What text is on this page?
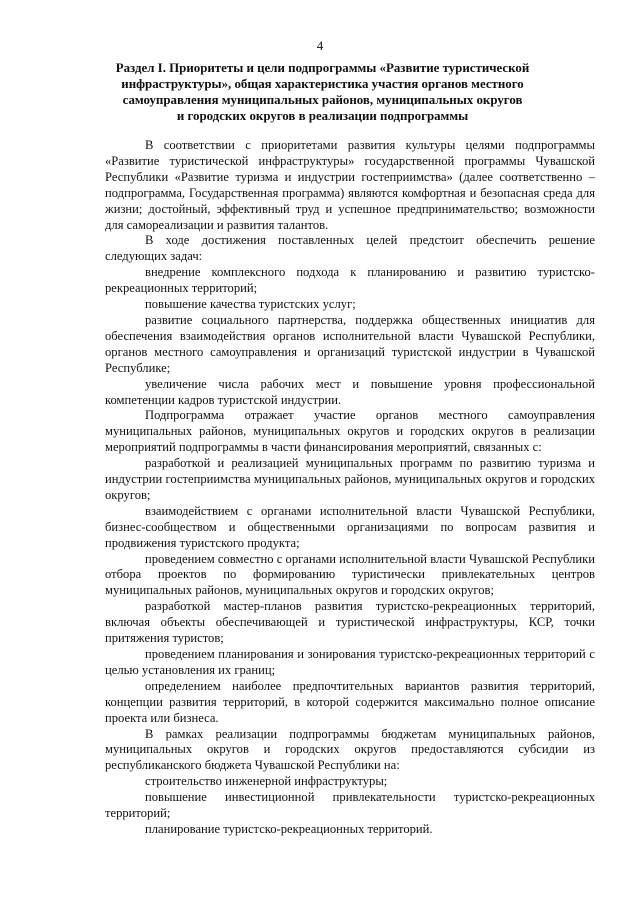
4
Раздел I. Приоритеты и цели подпрограммы «Развитие туристической
инфраструктуры», общая характеристика участия органов местного
самоуправления муниципальных районов, муниципальных округов
и городских округов в реализации подпрограммы

В соответствии с приоритетами развития культуры целями подпрограммы «Развитие туристической инфраструктуры» государственной программы Чувашской Республики «Развитие туризма и индустрии гостеприимства» (далее соответственно – подпрограмма, Государственная программа) являются комфортная и безопасная среда для жизни; достойный, эффективный труд и успешное предпринимательство; возможности для самореализации и развития талантов.

В ходе достижения поставленных целей предстоит обеспечить решение следующих задач:

внедрение комплексного подхода к планированию и развитию туристско-рекреационных территорий;

повышение качества туристских услуг;

развитие социального партнерства, поддержка общественных инициатив для обеспечения взаимодействия органов исполнительной власти Чувашской Республики, органов местного самоуправления и организаций туристской индустрии в Чувашской Республике;

увеличение числа рабочих мест и повышение уровня профессиональной компетенции кадров туристской индустрии.

Подпрограмма отражает участие органов местного самоуправления муниципальных районов, муниципальных округов и городских округов в реализации мероприятий подпрограммы в части финансирования мероприятий, связанных с:

разработкой и реализацией муниципальных программ по развитию туризма и индустрии гостеприимства муниципальных районов, муниципальных округов и городских округов;

взаимодействием с органами исполнительной власти Чувашской Республики, бизнес-сообществом и общественными организациями по вопросам развития и продвижения туристского продукта;

проведением совместно с органами исполнительной власти Чувашской Республики отбора проектов по формированию туристически привлекательных центров муниципальных районов, муниципальных округов и городских округов;

разработкой мастер-планов развития туристско-рекреационных территорий, включая объекты обеспечивающей и туристической инфраструктуры, КСР, точки притяжения туристов;

проведением планирования и зонирования туристско-рекреационных территорий с целью установления их границ;

определением наиболее предпочтительных вариантов развития территорий, концепции развития территорий, в которой содержится максимально полное описание проекта или бизнеса.

В рамках реализации подпрограммы бюджетам муниципальных районов, муниципальных округов и городских округов предоставляются субсидии из республиканского бюджета Чувашской Республики на:

строительство инженерной инфраструктуры;

повышение инвестиционной привлекательности туристско-рекреационных территорий;

планирование туристско-рекреационных территорий.
